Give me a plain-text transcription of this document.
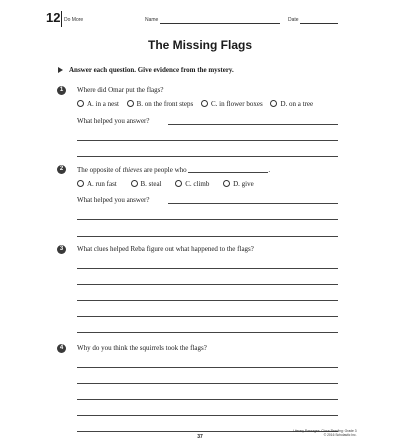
12 Do More	Name	Date
The Missing Flags
Answer each question. Give evidence from the mystery.
1	Where did Omar put the flags?
A. in a nest	B. on the front steps	C. in flower boxes	D. on a tree
What helped you answer?
2	The opposite of thieves are people who	.
A. run fast	B. steal	C. climb	D. give
What helped you answer?
3	What clues helped Reba figure out what happened to the flags?
4	Why do you think the squirrels took the flags?
37
Literary Passages: Close Reading: Grade 3
© 2016 Scholastic Inc.
